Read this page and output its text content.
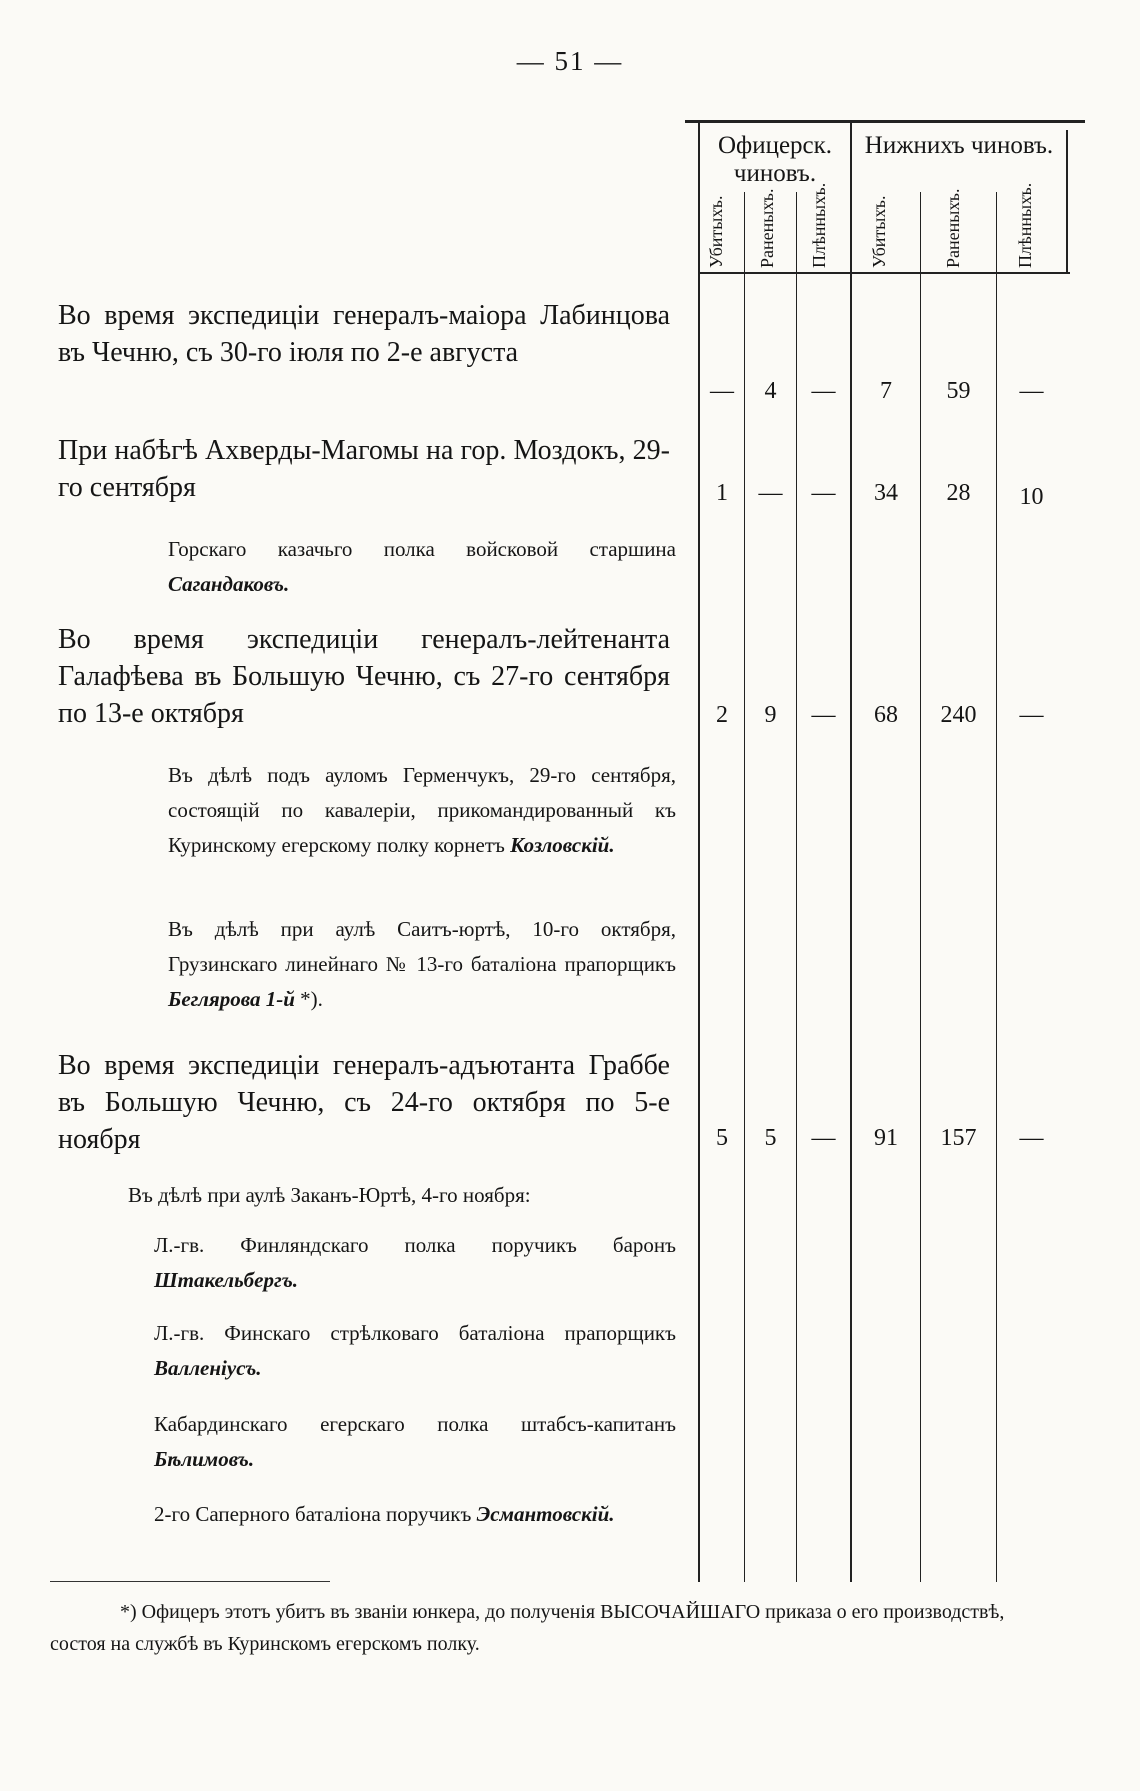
— 51 —
Офицерск. чиновъ.
Нижнихъ чиновъ.
Убитыхъ. Раненыхъ. Плѣнныхъ. Убитыхъ.	Раненыхъ.	Плѣнныхъ.
Во время экспедиціи генералъ-маіора Лабинцова въ Чечню, съ 30-го іюля по 2-е августа
—	4	—	7	59	—
При набѣгѣ Ахверды-Магомы на гор. Моздокъ, 29-го сентября	1	—	—	34	28	10
Горскаго казачьго полка войсковой старшина Сагандаковъ.
Во время экспедиціи генералъ-лейтенанта Галафѣева въ Большую Чечню, съ 27-го сентября по 13-е октября	2	9	—	68	240	—
Въ дѣлѣ подъ ауломъ Герменчукъ, 29-го сентября, состоящій по кавалеріи, прикомандированный къ Куринскому егерскому полку корнетъ Козловскій.
Въ дѣлѣ при аулѣ Саитъ-юртѣ, 10-го октября, Грузинскаго линейнаго № 13-го баталіона прапорщикъ Беглярова 1-й *).
Во время экспедиціи генералъ-адъютанта Граббе въ Большую Чечню, съ 24-го октября по 5-е ноября	5	5	—	91	157	—
Въ дѣлѣ при аулѣ Заканъ-Юртѣ, 4-го ноября:
Л.-гв. Финляндскаго полка поручикъ баронъ Штакельбергъ.
Л.-гв. Финскаго стрѣлковаго баталіона прапорщикъ Валленіусъ.
Кабардинскаго егерскаго полка штабсъ-капитанъ Бѣлимовъ.
2-го Саперного баталіона поручикъ Эсмантовскій.
*) Офицеръ этотъ убитъ въ званіи юнкера, до полученія ВЫСОЧАЙШАГО приказа о его производствѣ, состоя на службѣ въ Куринскомъ егерскомъ полку.
